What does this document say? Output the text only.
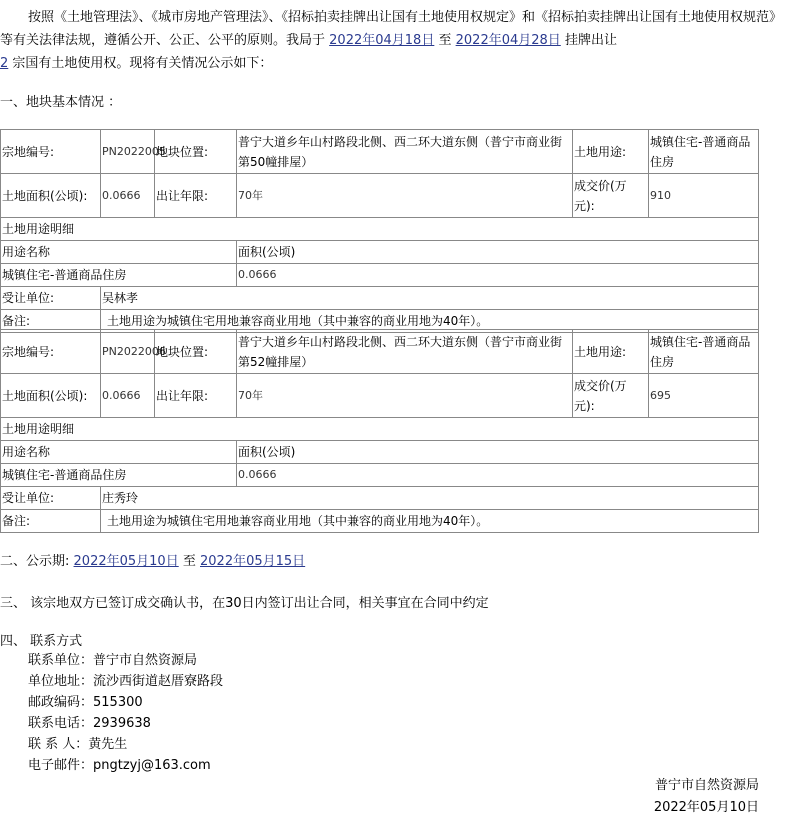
按照《土地管理法》、《城市房地产管理法》、《招标拍卖挂牌出让国有土地使用权规定》和《招标拍卖挂牌出让国有土地使用权规范》等有关法律法规，遵循公开、公正、公平的原则。我局于 2022年04月18日 至 2022年04月28日 挂牌出让
2 宗国有土地使用权。现将有关情况公示如下：
一、地块基本情况 ：
宗地编号:	PN2022005	地块位置:	普宁大道乡年山村路段北侧、西二环大道东侧（普宁市商业街第50幢排屋）	土地用途:	城镇住宅-普通商品住房
土地面积(公顷):	0.0666	出让年限:	70年	成交价(万元):	910
土地用途明细					
用途名称			面积(公顷)		
城镇住宅-普通商品住房			0.0666		
受让单位:	吴林孝				
备注:	土地用途为城镇住宅用地兼容商业用地（其中兼容的商业用地为40年）。				
宗地编号:	PN2022006	地块位置:	普宁大道乡年山村路段北侧、西二环大道东侧（普宁市商业街第52幢排屋）	土地用途:	城镇住宅-普通商品住房
土地面积(公顷):	0.0666	出让年限:	70年	成交价(万元):	695
土地用途明细					
用途名称			面积(公顷)		
城镇住宅-普通商品住房			0.0666		
受让单位:	庄秀玲				
备注:	土地用途为城镇住宅用地兼容商业用地（其中兼容的商业用地为40年）。				
二、公示期: 2022年05月10日 至 2022年05月15日
三、 该宗地双方已签订成交确认书，在30日内签订出让合同，相关事宜在合同中约定
四、 联系方式
联系单位：普宁市自然资源局
单位地址：流沙西街道赵厝寮路段
邮政编码：515300
联系电话：2939638
联 系 人：黄先生
电子邮件：pngtzyj@163.com
普宁市自然资源局
2022年05月10日
